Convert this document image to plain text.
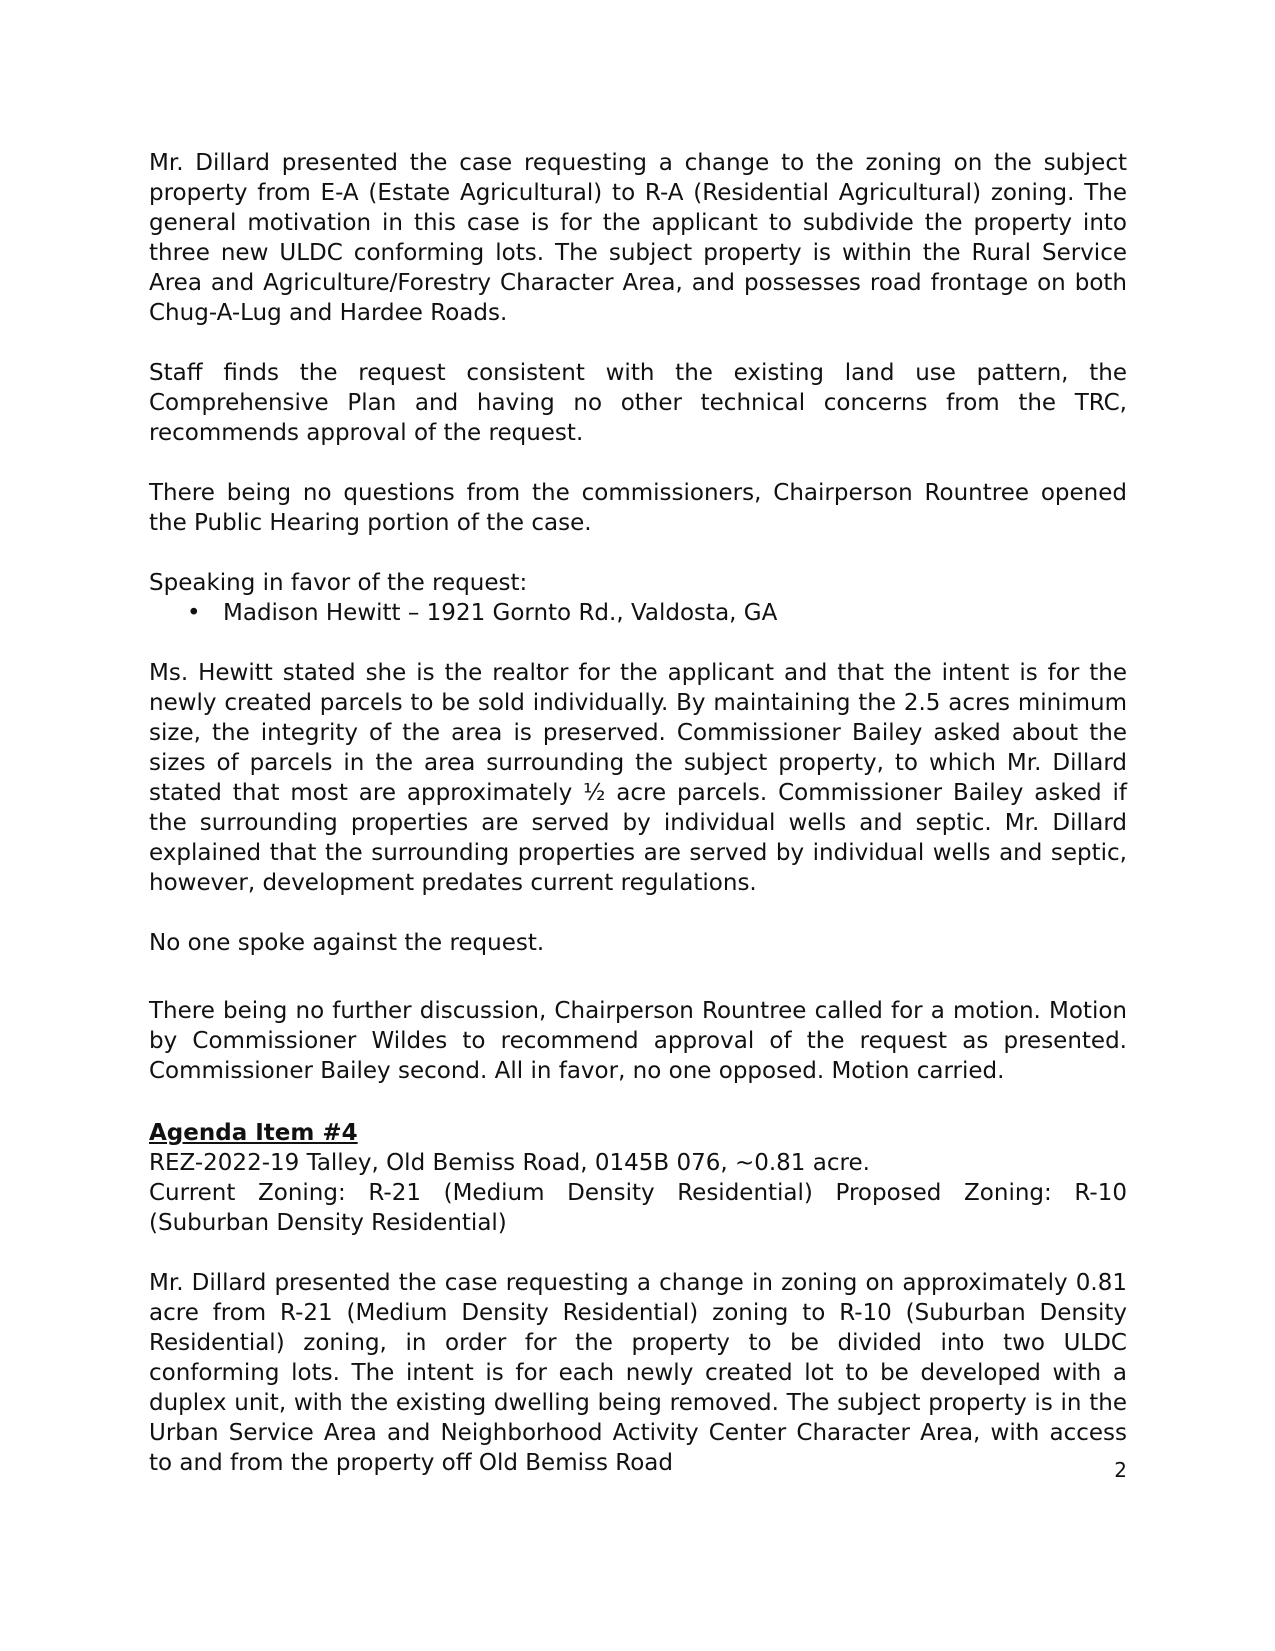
Mr. Dillard presented the case requesting a change to the zoning on the subject property from E-A (Estate Agricultural) to R-A (Residential Agricultural) zoning. The general motivation in this case is for the applicant to subdivide the property into three new ULDC conforming lots. The subject property is within the Rural Service Area and Agriculture/Forestry Character Area, and possesses road frontage on both Chug-A-Lug and Hardee Roads.

Staff finds the request consistent with the existing land use pattern, the Comprehensive Plan and having no other technical concerns from the TRC, recommends approval of the request.

There being no questions from the commissioners, Chairperson Rountree opened the Public Hearing portion of the case.

Speaking in favor of the request:

• Madison Hewitt – 1921 Gornto Rd., Valdosta, GA

Ms. Hewitt stated she is the realtor for the applicant and that the intent is for the newly created parcels to be sold individually. By maintaining the 2.5 acres minimum size, the integrity of the area is preserved. Commissioner Bailey asked about the sizes of parcels in the area surrounding the subject property, to which Mr. Dillard stated that most are approximately ½ acre parcels. Commissioner Bailey asked if the surrounding properties are served by individual wells and septic. Mr. Dillard explained that the surrounding properties are served by individual wells and septic, however, development predates current regulations.

No one spoke against the request.

There being no further discussion, Chairperson Rountree called for a motion. Motion by Commissioner Wildes to recommend approval of the request as presented. Commissioner Bailey second. All in favor, no one opposed. Motion carried.

Agenda Item #4

REZ-2022-19 Talley, Old Bemiss Road, 0145B 076, ~0.81 acre.

Current Zoning: R-21 (Medium Density Residential) Proposed Zoning: R-10 (Suburban Density Residential)

Mr. Dillard presented the case requesting a change in zoning on approximately 0.81 acre from R-21 (Medium Density Residential) zoning to R-10 (Suburban Density Residential) zoning, in order for the property to be divided into two ULDC conforming lots. The intent is for each newly created lot to be developed with a duplex unit, with the existing dwelling being removed. The subject property is in the Urban Service Area and Neighborhood Activity Center Character Area, with access to and from the property off Old Bemiss Road	2
